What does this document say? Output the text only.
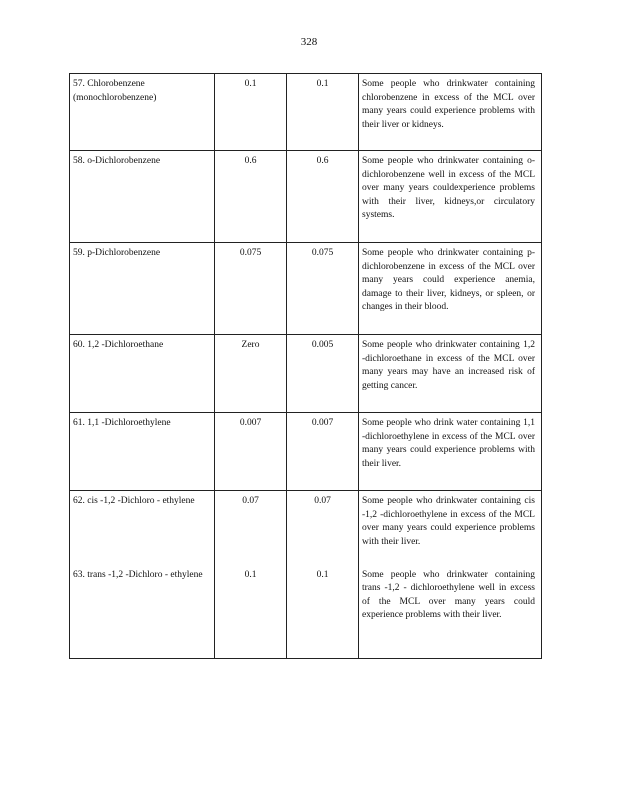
328
57. Chlorobenzene (monochlorobenzene)	0.1	0.1	Some people who drinkwater containing chlorobenzene in excess of the MCL over many years could experience problems with their liver or kidneys.
58. o-Dichlorobenzene	0.6	0.6	Some people who drinkwater containing o-dichlorobenzene well in excess of the MCL over many years couldexperience problems with their liver, kidneys,or circulatory systems.
59. p-Dichlorobenzene	0.075	0.075	Some people who drinkwater containing p-dichlorobenzene in excess of the MCL over many years could experience anemia, damage to their liver, kidneys, or spleen, or changes in their blood.
60. 1,2 -Dichloroethane	Zero	0.005	Some people who drinkwater containing 1,2 -dichloroethane in excess of the MCL over many years may have an increased risk of getting cancer.
61. 1,1 -Dichloroethylene	0.007	0.007	Some people who drink water containing 1,1 -dichloroethylene in excess of the MCL over many years could experience problems with their liver.
62. cis -1,2 -Dichloro - ethylene	0.07	0.07	Some people who drinkwater containing cis -1,2 -dichloroethylene in excess of the MCL over many years could experience problems with their liver.
63. trans -1,2 -Dichloro - ethylene	0.1	0.1	Some people who drinkwater containing trans -1,2 - dichloroethylene well in excess of the MCL over many years could experience problems with their liver.
